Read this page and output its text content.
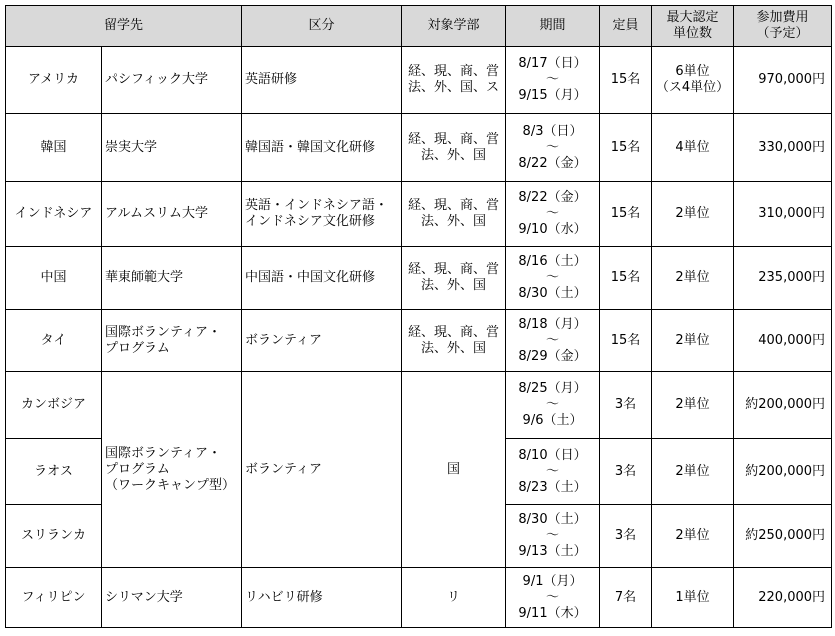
留学先		区分	対象学部	期間	定員	最大認定
単位数	参加費用
（予定）
アメリカ	パシフィック大学	英語研修	経、現、商、営
法、外、国、ス	8/17（日）
～
9/15（月）	15名	6単位
（ス4単位）	970,000円
韓国	崇実大学	韓国語・韓国文化研修	経、現、商、営
法、外、国	8/3（日）
～
8/22（金）	15名	4単位	330,000円
インドネシア	アルムスリム大学	英語・インドネシア語・
インドネシア文化研修	経、現、商、営
法、外、国	8/22（金）
～
9/10（水）	15名	2単位	310,000円
中国	華東師範大学	中国語・中国文化研修	経、現、商、営
法、外、国	8/16（土）
～
8/30（土）	15名	2単位	235,000円
タイ	国際ボランティア・
プログラム	ボランティア	経、現、商、営
法、外、国	8/18（月）
～
8/29（金）	15名	2単位	400,000円
カンボジア	国際ボランティア・
プログラム
（ワークキャンプ型）	ボランティア	国	8/25（月）
～
9/6（土）	3名	2単位	約200,000円
ラオス				8/10（日）
～
8/23（土）	3名	2単位	約200,000円
スリランカ				8/30（土）
～
9/13（土）	3名	2単位	約250,000円
フィリピン	シリマン大学	リハビリ研修	リ	9/1（月）
～
9/11（木）	7名	1単位	220,000円
